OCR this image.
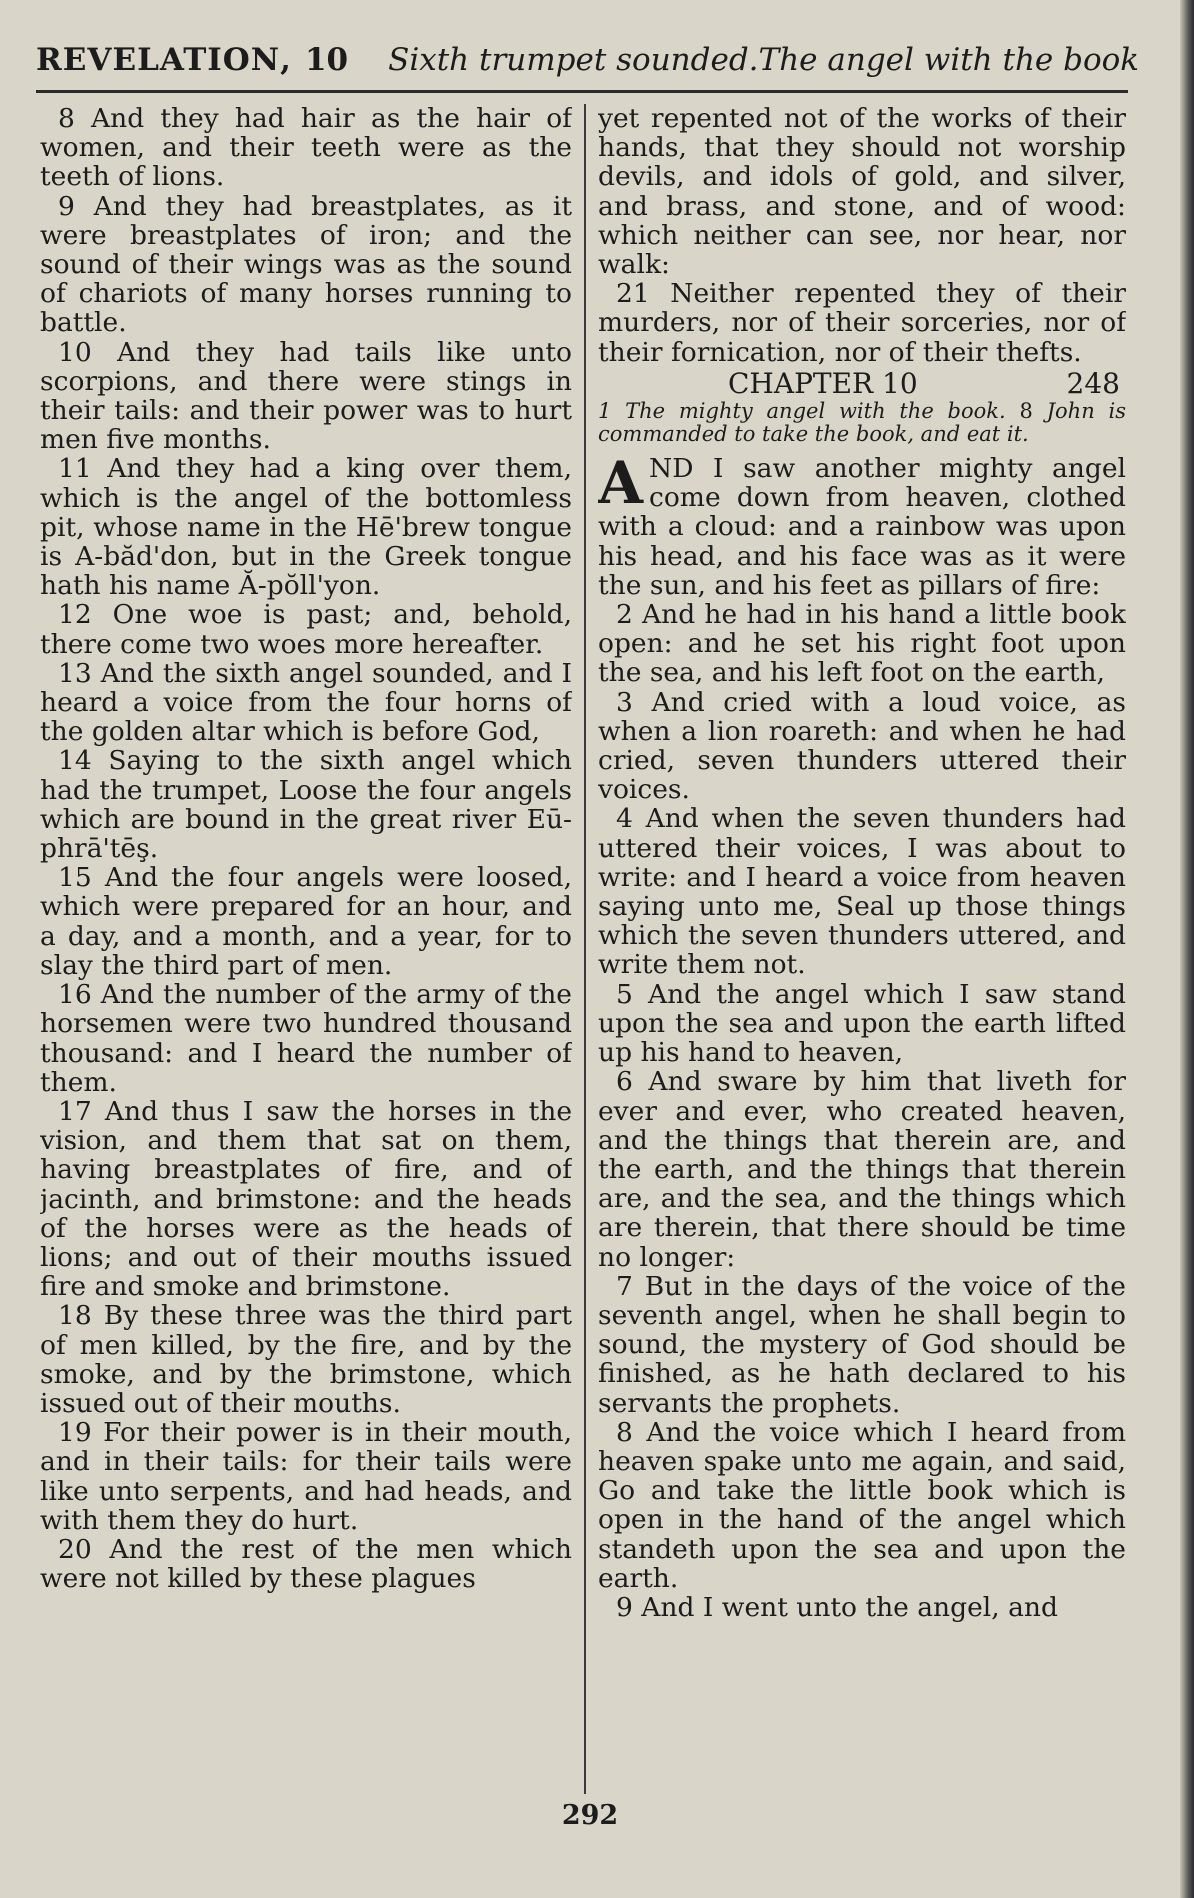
REVELATION , 10 Sixth trumpet sounded. The angel with the book

8 And they had hair as the hair of women, and their teeth were as the teeth of lions.

9 And they had breastplates, as it were breastplates of iron; and the sound of their wings was as the sound of chariots of many horses running to battle.

10 And they had tails like unto scorpions, and there were stings in their tails: and their power was to hurt men five months.

11 And they had a king over them, which is the angel of the bottomless pit, whose name in the Hē'brew tongue is A-băd'don, but in the Greek tongue hath his name Ă-pŏll'yon.

12 One woe is past; and, behold, there come two woes more hereafter.

13 And the sixth angel sounded, and I heard a voice from the four horns of the golden altar which is before God,

14 Saying to the sixth angel which had the trumpet, Loose the four angels which are bound in the great river Eū-phrā'tēş.

15 And the four angels were loosed, which were prepared for an hour, and a day, and a month, and a year, for to slay the third part of men.

16 And the number of the army of the horsemen were two hundred thousand thousand: and I heard the number of them.

17 And thus I saw the horses in the vision, and them that sat on them, having breastplates of fire, and of jacinth, and brimstone: and the heads of the horses were as the heads of lions; and out of their mouths issued fire and smoke and brimstone.

18 By these three was the third part of men killed, by the fire, and by the smoke, and by the brimstone, which issued out of their mouths.

19 For their power is in their mouth, and in their tails: for their tails were like unto serpents, and had heads, and with them they do hurt.

20 And the rest of the men which were not killed by these plagues

yet repented not of the works of their hands, that they should not worship devils, and idols of gold, and silver, and brass, and stone, and of wood: which neither can see, nor hear, nor walk:

21 Neither repented they of their murders, nor of their sorceries, nor of their fornication, nor of their thefts.

CHAPTER 10	248

1 The mighty angel with the book. 8 John is commanded to take the book, and eat it.

AND I saw another mighty angel come down from heaven, clothed with a cloud: and a rainbow was upon his head, and his face was as it were the sun, and his feet as pillars of fire:

2 And he had in his hand a little book open: and he set his right foot upon the sea, and his left foot on the earth,

3 And cried with a loud voice, as when a lion roareth: and when he had cried, seven thunders uttered their voices.

4 And when the seven thunders had uttered their voices, I was about to write: and I heard a voice from heaven saying unto me, Seal up those things which the seven thunders uttered, and write them not.

5 And the angel which I saw stand upon the sea and upon the earth lifted up his hand to heaven,

6 And sware by him that liveth for ever and ever, who created heaven, and the things that therein are, and the earth, and the things that therein are, and the sea, and the things which are therein, that there should be time no longer:

7 But in the days of the voice of the seventh angel, when he shall begin to sound, the mystery of God should be finished, as he hath declared to his servants the prophets.

8 And the voice which I heard from heaven spake unto me again, and said, Go and take the little book which is open in the hand of the angel which standeth upon the sea and upon the earth.

9 And I went unto the angel, and

292
